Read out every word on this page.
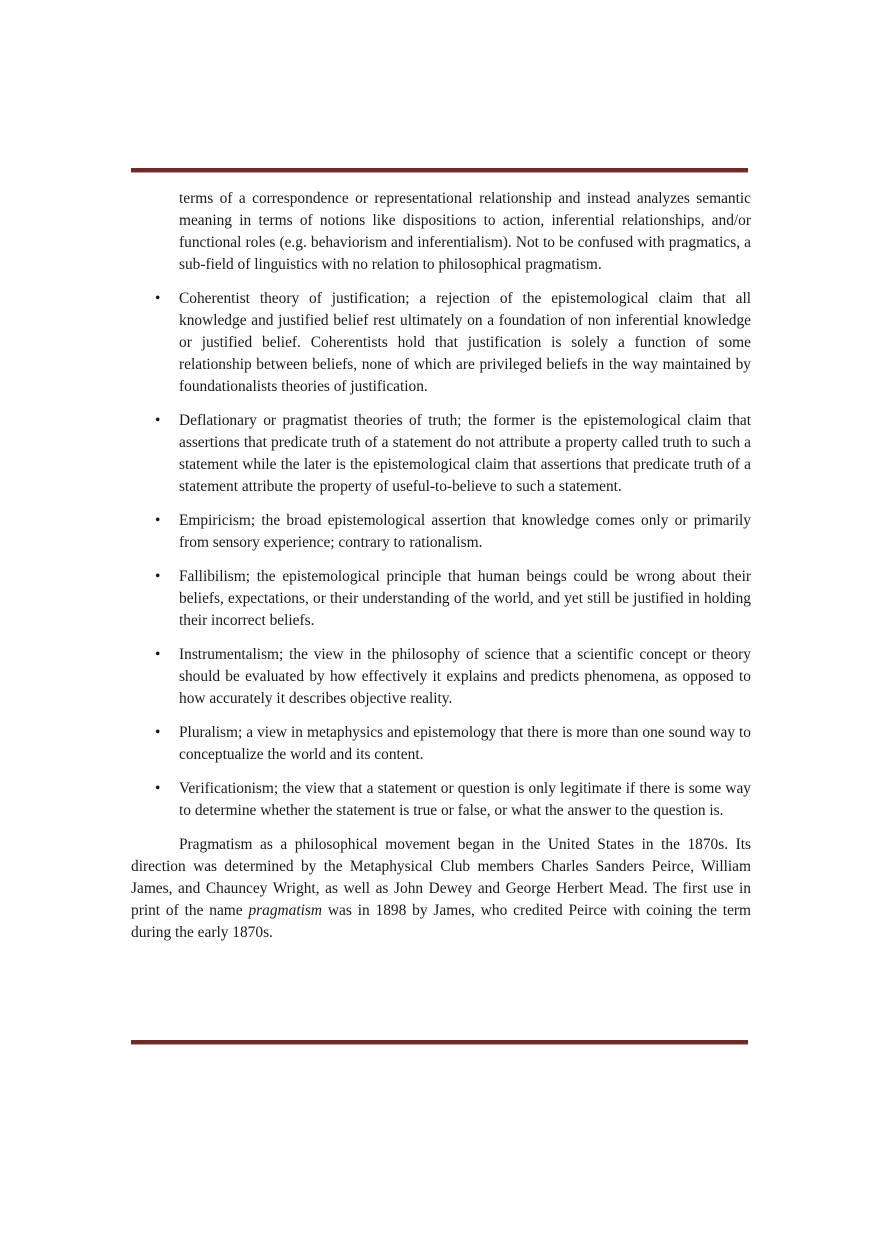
terms of a correspondence or representational relationship and instead analyzes semantic meaning in terms of notions like dispositions to action, inferential relationships, and/or functional roles (e.g. behaviorism and inferentialism). Not to be confused with pragmatics, a sub-field of linguistics with no relation to philosophical pragmatism.

• Coherentist theory of justification; a rejection of the epistemological claim that all knowledge and justified belief rest ultimately on a foundation of non inferential knowledge or justified belief. Coherentists hold that justification is solely a function of some relationship between beliefs, none of which are privileged beliefs in the way maintained by foundationalists theories of justification.
• Deflationary or pragmatist theories of truth; the former is the epistemological claim that assertions that predicate truth of a statement do not attribute a property called truth to such a statement while the later is the epistemological claim that assertions that predicate truth of a statement attribute the property of useful-to-believe to such a statement.
• Empiricism; the broad epistemological assertion that knowledge comes only or primarily from sensory experience; contrary to rationalism.
• Fallibilism; the epistemological principle that human beings could be wrong about their beliefs, expectations, or their understanding of the world, and yet still be justified in holding their incorrect beliefs.
• Instrumentalism; the view in the philosophy of science that a scientific concept or theory should be evaluated by how effectively it explains and predicts phenomena, as opposed to how accurately it describes objective reality.
• Pluralism; a view in metaphysics and epistemology that there is more than one sound way to conceptualize the world and its content.
• Verificationism; the view that a statement or question is only legitimate if there is some way to determine whether the statement is true or false, or what the answer to the question is.

Pragmatism as a philosophical movement began in the United States in the 1870s. Its direction was determined by the Metaphysical Club members Charles Sanders Peirce, William James, and Chauncey Wright, as well as John Dewey and George Herbert Mead. The first use in print of the name pragmatism was in 1898 by James, who credited Peirce with coining the term during the early 1870s.
